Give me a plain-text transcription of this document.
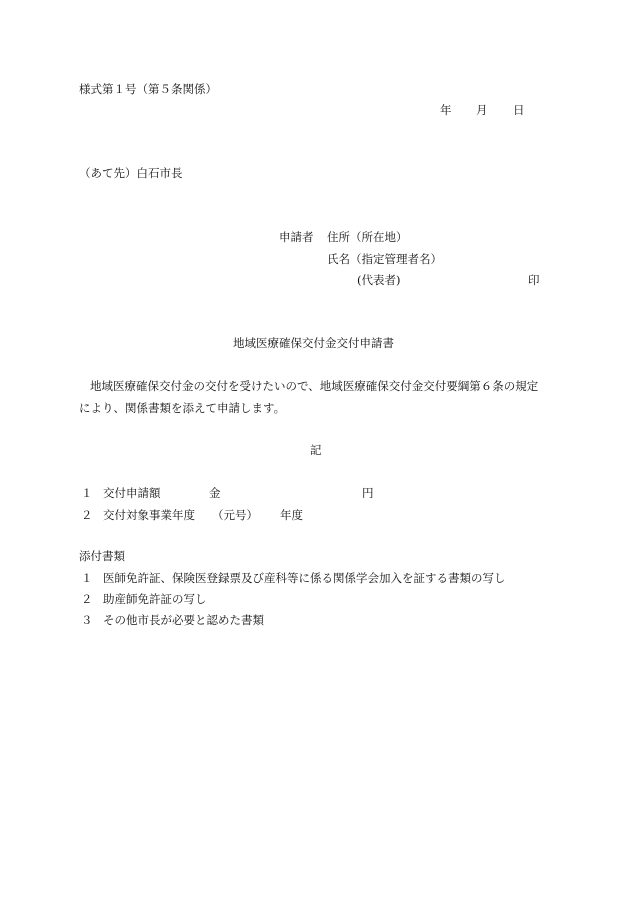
様式第１号（第５条関係）
年 月 日
（あて先）白石市長
申請者 住所（所在地）
氏名（指定管理者名）
(代表者)	印
地域医療確保交付金交付申請書
地域医療確保交付金の交付を受けたいので、地域医療確保交付金交付要綱第６条の規定
により、関係書類を添えて申請します。
記
１ 交付申請額	金	円
２ 交付対象事業年度 （元号） 年度
添付書類
１ 医師免許証、保険医登録票及び産科等に係る関係学会加入を証する書類の写し
２ 助産師免許証の写し
３ その他市長が必要と認めた書類
